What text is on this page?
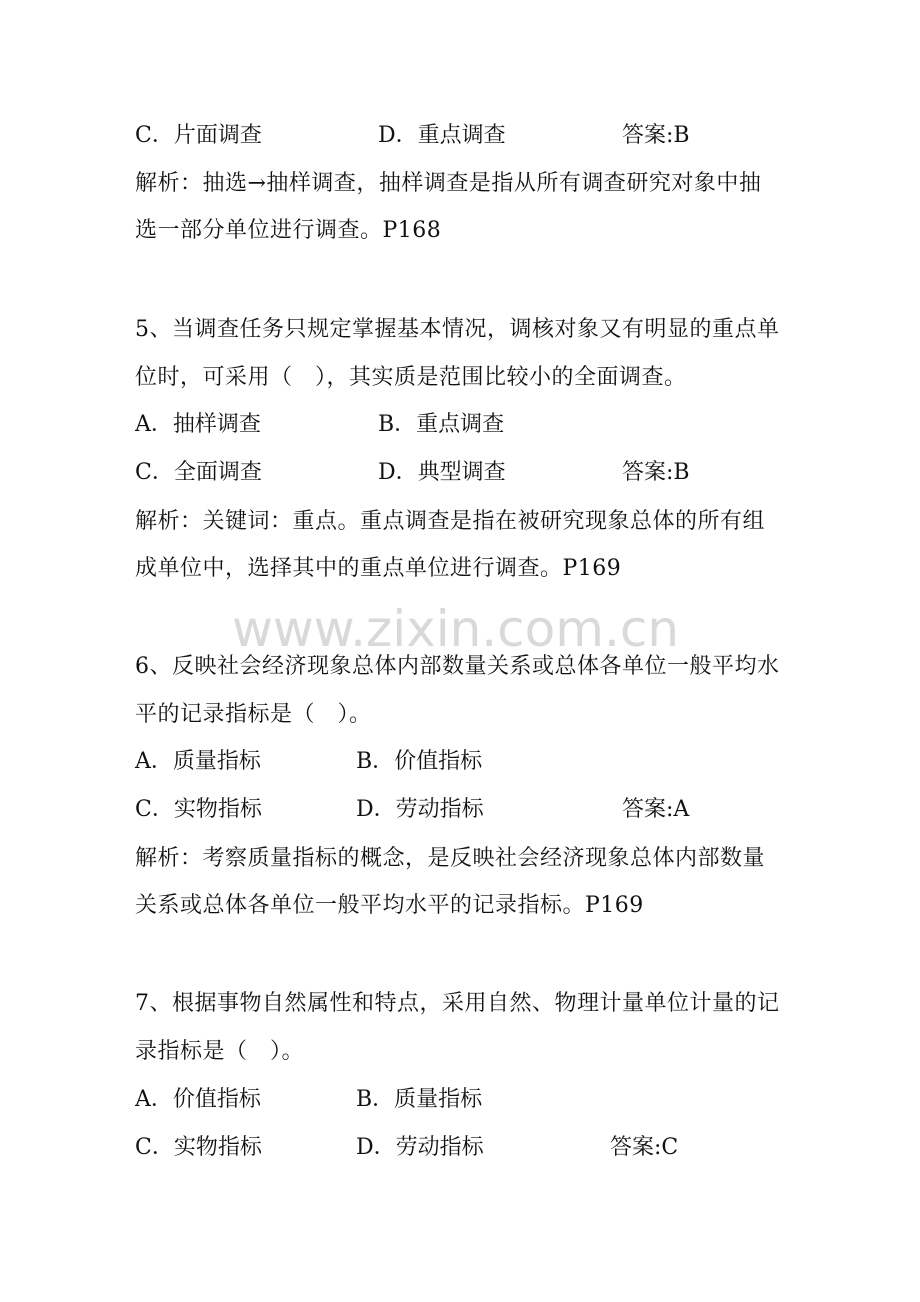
www.zixin.com.cn
C．片面调查	D．重点调查	答案:B
解析：抽选→抽样调查，抽样调查是指从所有调查研究对象中抽
选一部分单位进行调查。P168
5、当调查任务只规定掌握基本情况，调核对象又有明显的重点单
位时，可采用（　），其实质是范围比较小的全面调查。
A．抽样调查	B．重点调查
C．全面调查	D．典型调查	答案:B
解析：关键词：重点。重点调查是指在被研究现象总体的所有组
成单位中，选择其中的重点单位进行调查。P169
6、反映社会经济现象总体内部数量关系或总体各单位一般平均水
平的记录指标是（　）。
A．质量指标	B．价值指标
C．实物指标	D．劳动指标	答案:A
解析：考察质量指标的概念，是反映社会经济现象总体内部数量
关系或总体各单位一般平均水平的记录指标。P169
7、根据事物自然属性和特点，采用自然、物理计量单位计量的记
录指标是（　）。
A．价值指标	B．质量指标
C．实物指标	D．劳动指标	答案:C
